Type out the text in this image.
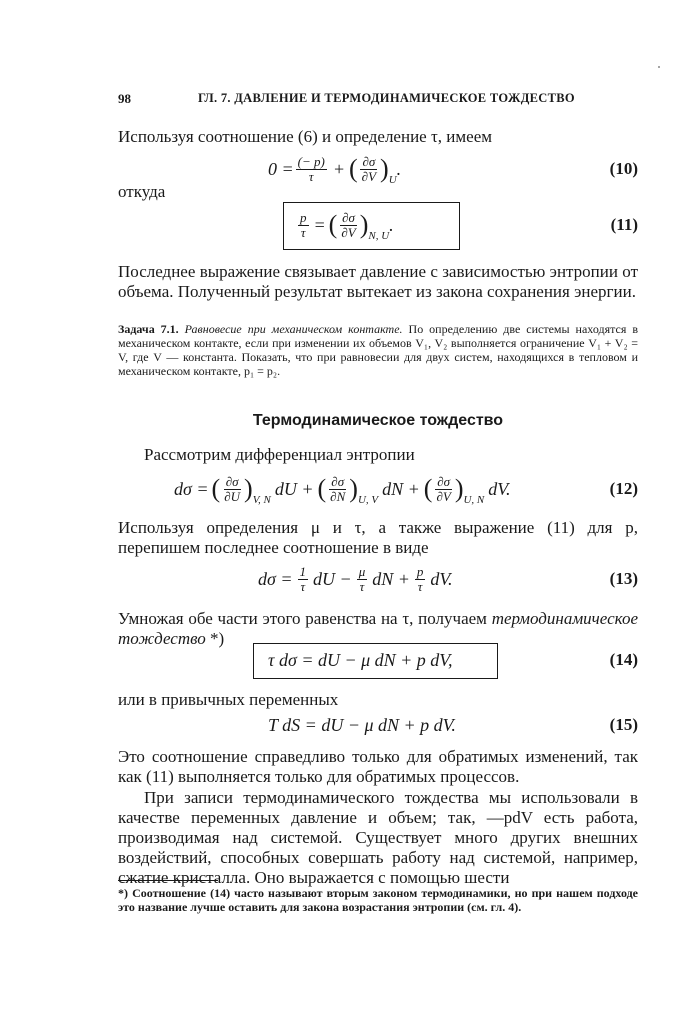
98	ГЛ. 7. ДАВЛЕНИЕ И ТЕРМОДИНАМИЧЕСКОЕ ТОЖДЕСТВО

Используя соотношение (6) и определение τ, имеем

$0 = \frac{(- p)}{\tau}$ + ( $\frac{\partial\sigma}{\partial V} )_U$
.	(10)

откуда

$\frac{p}{\tau}$ = ( $\frac{\partial\sigma}{\partial V} )_{N, U}$
.	(11)

Последнее выражение связывает давление с зависимостью энтропии от объема. Полученный результат вытекает из закона сохранения энергии.

Задача 7.1. Равновесие при механическом контакте. По определению две системы находятся в механическом контакте, если при изменении их объемов V₁, V₂ выполняется ограничение V₁ + V₂ = V, где V — константа. Показать, что при равновесии для двух систем, находящихся в тепловом и механическом контакте, p₁ = p₂.

Термодинамическое тождество

Рассмотрим дифференциал энтропии

dσ = ( $\frac{\partial\sigma}{\partial U} )_{V, N}$
dU + ( $\frac{\partial\sigma}{\partial N} )_{U, V}$
dN + ( $\frac{\partial\sigma}{\partial V} )_{U, N}$
dV.	(12)

Используя определения μ и τ, а также выражение (11) для p, перепишем последнее соотношение в виде

$d\sigma = \frac{1}{\tau}$ dU − $\frac{\mu}{\tau}$ dN + $\frac{p}{\tau}$ dV.	(13)

Умножая обе части этого равенства на τ, получаем термодинамическое тождество *)

τ dσ = dU − μ dN + p dV,	(14)

или в привычных переменных

T dS = dU − μ dN + p dV.	(15)

Это соотношение справедливо только для обратимых изменений, так как (11) выполняется только для обратимых процессов.

При записи термодинамического тождества мы использовали в качестве переменных давление и объем; так, —pdV есть работа, производимая над системой. Существует много других внешних воздействий, способных совершать работу над системой, например, сжатие кристалла. Оно выражается с помощью шести

*) Соотношение (14) часто называют вторым законом термодинамики, но при нашем подходе это название лучше оставить для закона возрастания энтропии (см. гл. 4).
